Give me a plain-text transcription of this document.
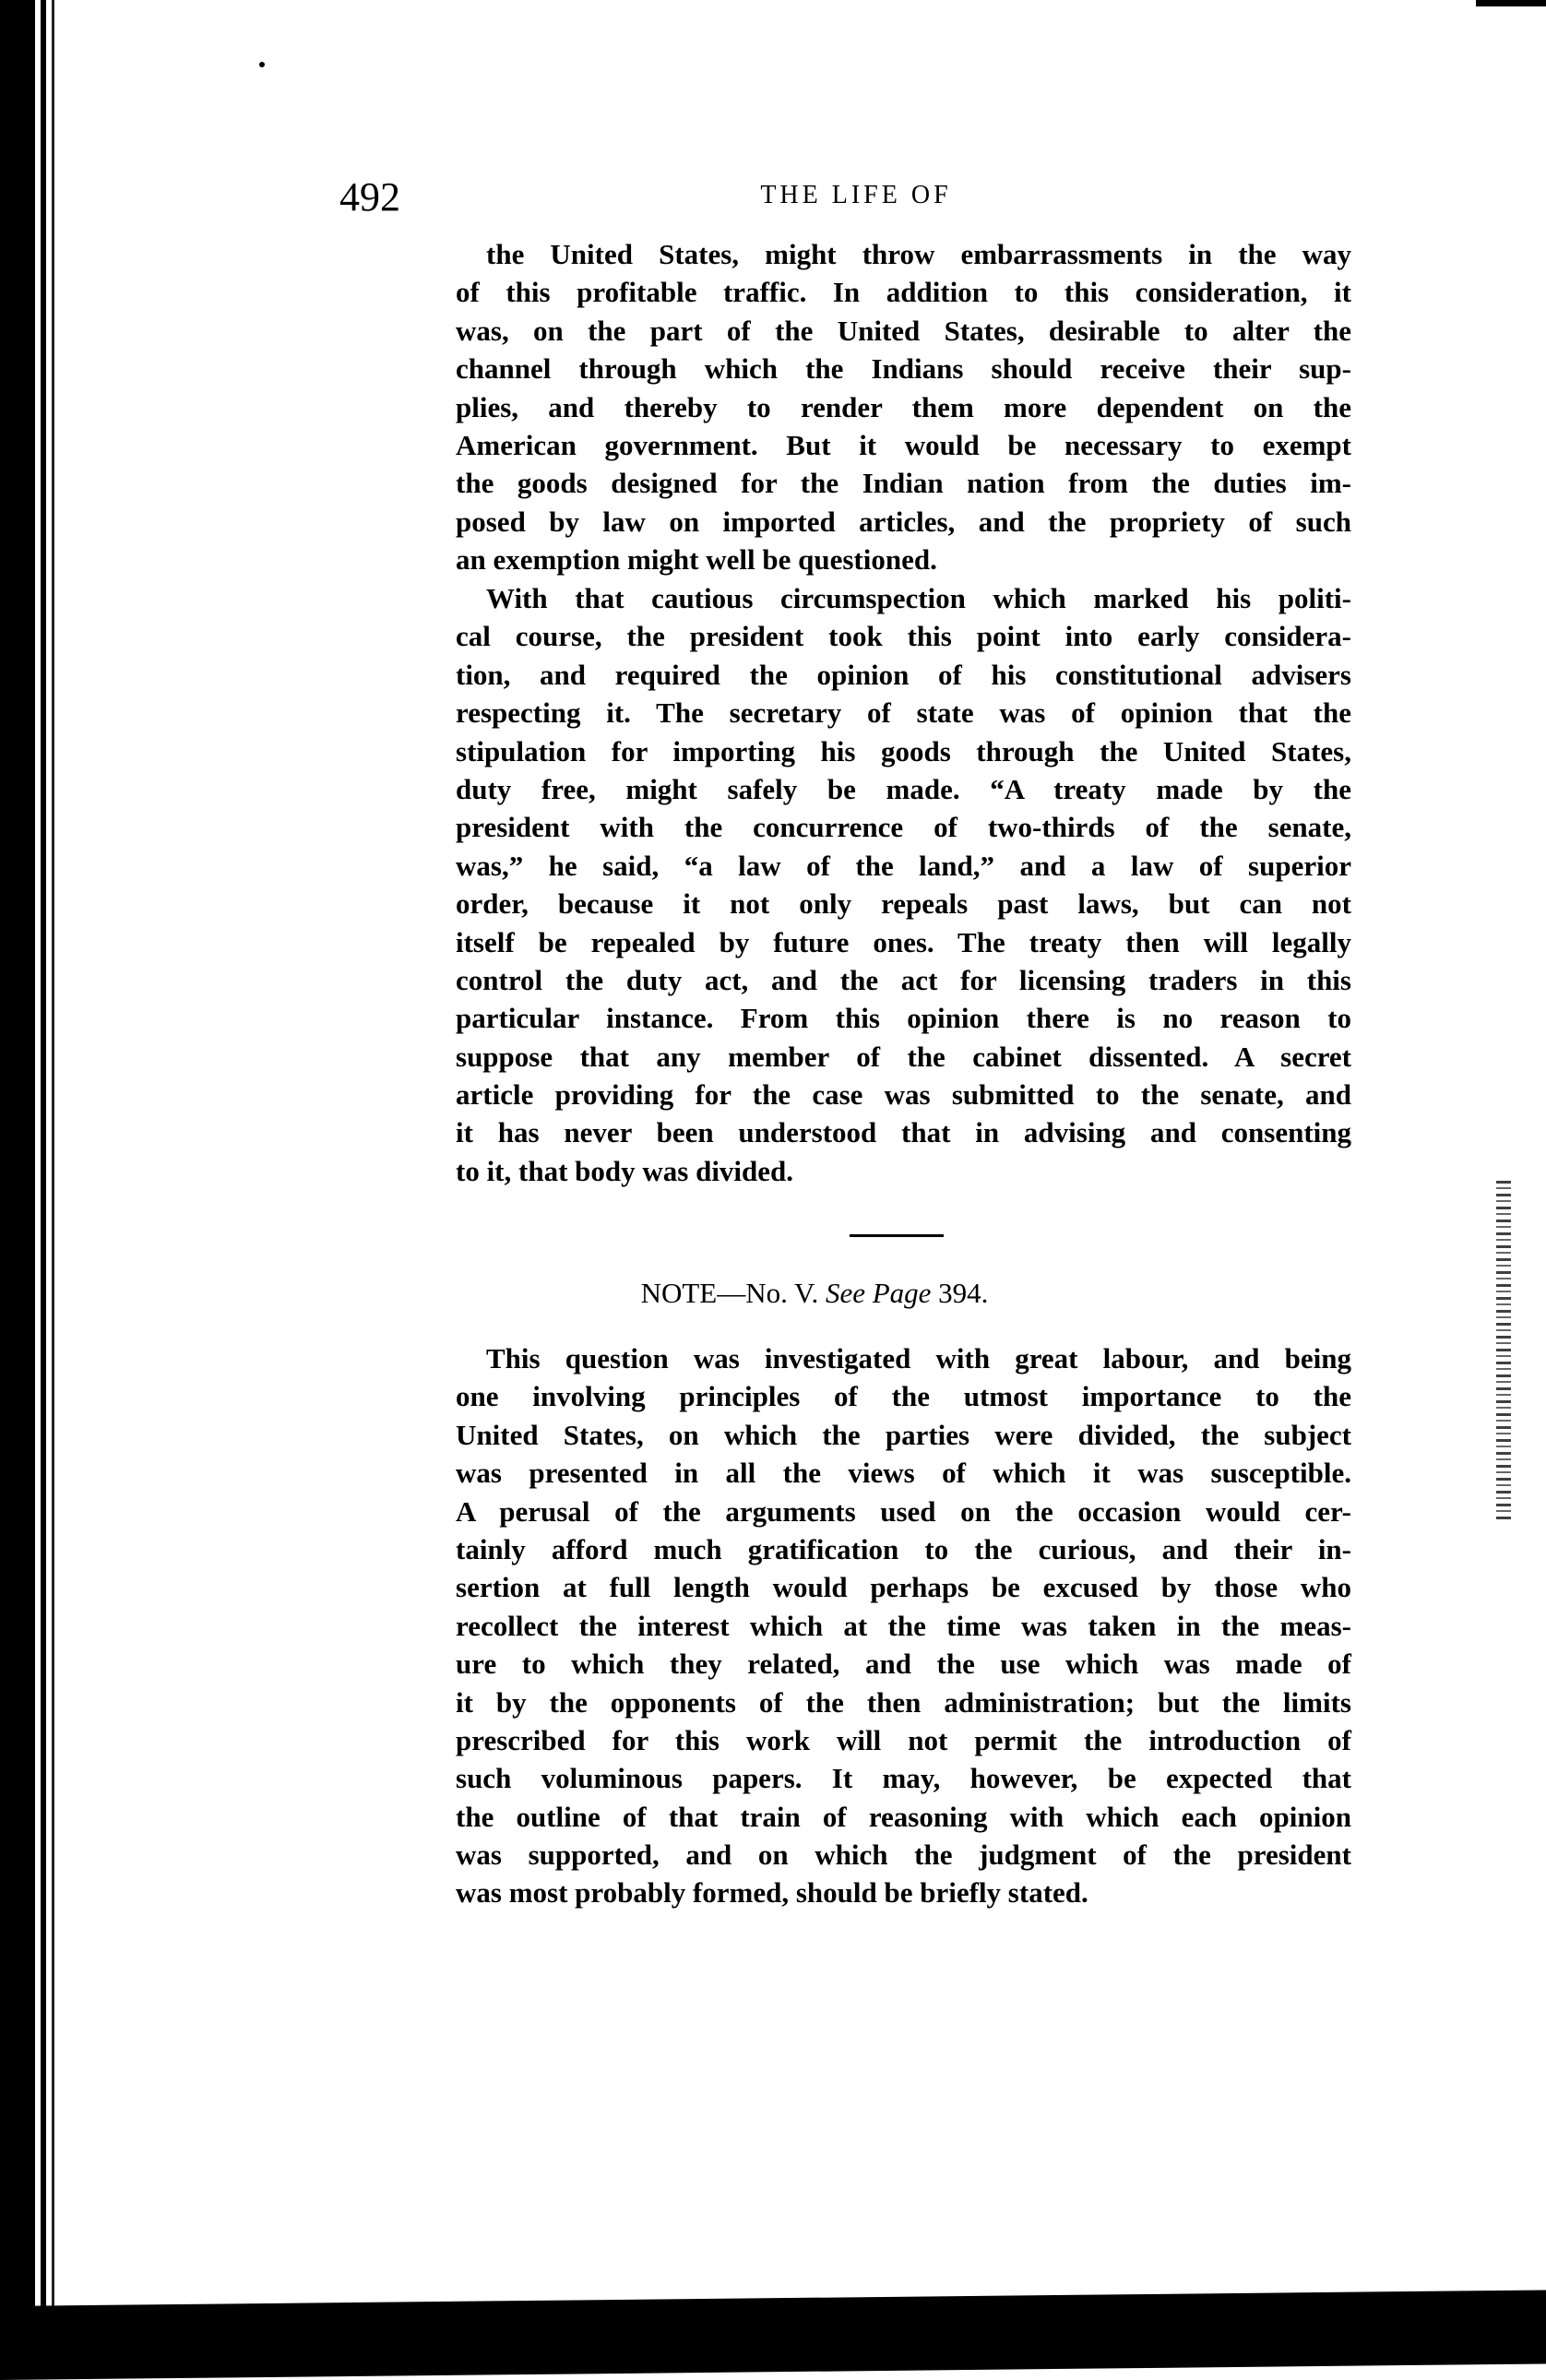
492	THE LIFE OF
the United States, might throw embarrassments in the way
of this profitable traffic. In addition to this consideration, it
was, on the part of the United States, desirable to alter the
channel through which the Indians should receive their sup-
plies, and thereby to render them more dependent on the
American government. But it would be necessary to exempt
the goods designed for the Indian nation from the duties im-
posed by law on imported articles, and the propriety of such
an exemption might well be questioned.
With that cautious circumspection which marked his politi-
cal course, the president took this point into early considera-
tion, and required the opinion of his constitutional advisers
respecting it. The secretary of state was of opinion that the
stipulation for importing his goods through the United States,
duty free, might safely be made. “A treaty made by the
president with the concurrence of two-thirds of the senate,
was,” he said, “a law of the land,” and a law of superior
order, because it not only repeals past laws, but can not
itself be repealed by future ones. The treaty then will legally
control the duty act, and the act for licensing traders in this
particular instance. From this opinion there is no reason to
suppose that any member of the cabinet dissented. A secret
article providing for the case was submitted to the senate, and
it has never been understood that in advising and consenting
to it, that body was divided.
NOTE—No. V. See Page 394.
This question was investigated with great labour, and being
one involving principles of the utmost importance to the
United States, on which the parties were divided, the subject
was presented in all the views of which it was susceptible.
A perusal of the arguments used on the occasion would cer-
tainly afford much gratification to the curious, and their in-
sertion at full length would perhaps be excused by those who
recollect the interest which at the time was taken in the meas-
ure to which they related, and the use which was made of
it by the opponents of the then administration; but the limits
prescribed for this work will not permit the introduction of
such voluminous papers. It may, however, be expected that
the outline of that train of reasoning with which each opinion
was supported, and on which the judgment of the president
was most probably formed, should be briefly stated.
